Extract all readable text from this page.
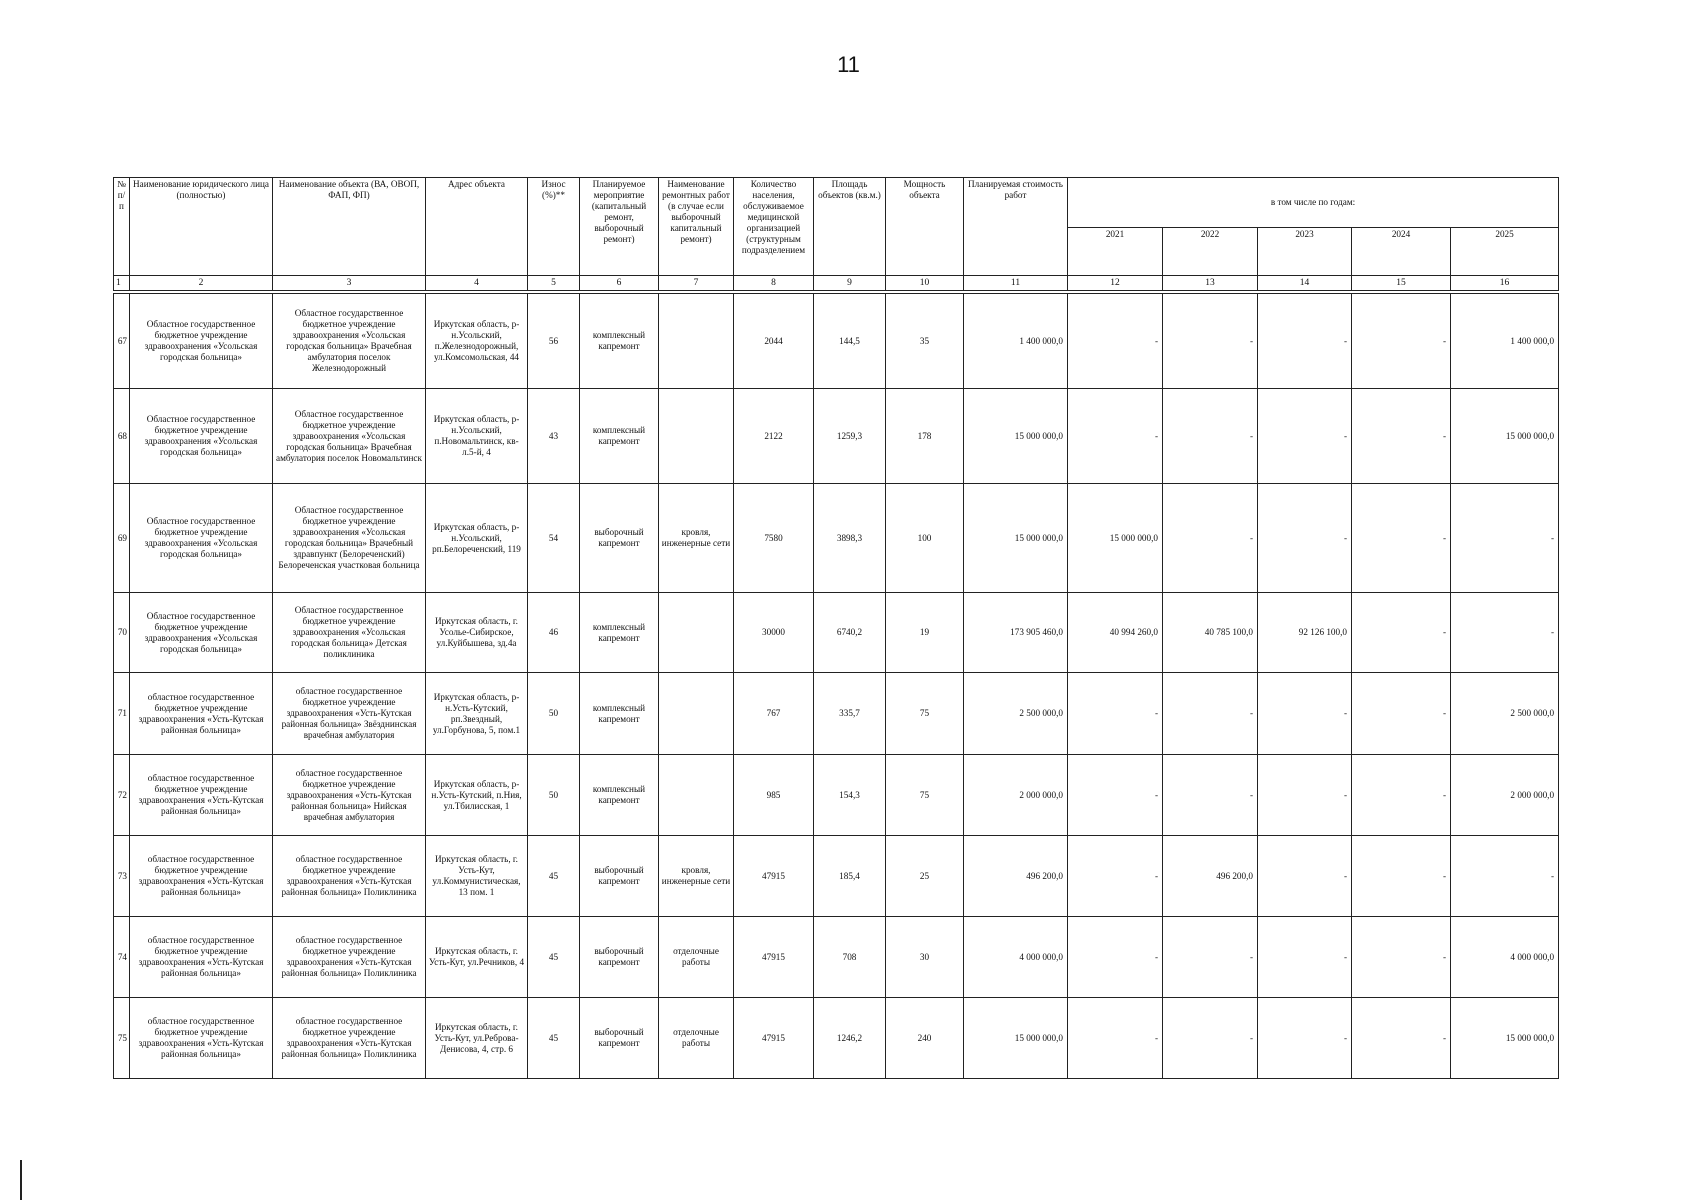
11
№ п/п	Наименование юридического лица (полностью)	Наименование объекта (ВА, ОВОП, ФАП, ФП)	Адрес объекта	Износ (%)**	Планируемое мероприятие (капитальный ремонт, выборочный ремонт)	Наименование ремонтных работ (в случае если выборочный капитальный ремонт)	Количество населения, обслуживаемое медицинской организацией (структурным подразделением	Площадь объектов (кв.м.)	Мощность объекта	Планируемая стоимость работ	в том числе по годам:				
											2021	2022	2023	2024	2025
1	2	3	4	5	6	7	8	9	10	11	12	13	14	15	16

67	Областное государственное бюджетное учреждение здравоохранения «Усольская городская больница»	Областное государственное бюджетное учреждение здравоохранения «Усольская городская больница» Врачебная амбулатория поселок Железнодорожный	Иркутская область, р-н.Усольский, п.Железнодорожный, ул.Комсомольская, 44	56	комплексный капремонт		2044	144,5	35	1 400 000,0	-	-	-	-	1 400 000,0
68	Областное государственное бюджетное учреждение здравоохранения «Усольская городская больница»	Областное государственное бюджетное учреждение здравоохранения «Усольская городская больница» Врачебная амбулатория поселок Новомальтинск	Иркутская область, р-н.Усольский, п.Новомальтинск, кв-л.5-й, 4	43	комплексный капремонт		2122	1259,3	178	15 000 000,0	-	-	-	-	15 000 000,0
69	Областное государственное бюджетное учреждение здравоохранения «Усольская городская больница»	Областное государственное бюджетное учреждение здравоохранения «Усольская городская больница» Врачебный здравпункт (Белореченский) Белореченская участковая больница	Иркутская область, р-н.Усольский, рп.Белореченский, 119	54	выборочный капремонт	кровля, инженерные сети	7580	3898,3	100	15 000 000,0	15 000 000,0	-	-	-	-
70	Областное государственное бюджетное учреждение здравоохранения «Усольская городская больница»	Областное государственное бюджетное учреждение здравоохранения «Усольская городская больница» Детская поликлиника	Иркутская область, г. Усолье-Сибирское, ул.Куйбышева, зд.4а	46	комплексный капремонт		30000	6740,2	19	173 905 460,0	40 994 260,0	40 785 100,0	92 126 100,0	-	-
71	областное государственное бюджетное учреждение здравоохранения «Усть-Кутская районная больница»	областное государственное бюджетное учреждение здравоохранения «Усть-Кутская районная больница» Звёзднинская врачебная амбулатория	Иркутская область, р-н.Усть-Кутский, рп.Звездный, ул.Горбунова, 5, пом.1	50	комплексный капремонт		767	335,7	75	2 500 000,0	-	-	-	-	2 500 000,0
72	областное государственное бюджетное учреждение здравоохранения «Усть-Кутская районная больница»	областное государственное бюджетное учреждение здравоохранения «Усть-Кутская районная больница» Нийская врачебная амбулатория	Иркутская область, р-н.Усть-Кутский, п.Ния, ул.Тбилисская, 1	50	комплексный капремонт		985	154,3	75	2 000 000,0	-	-	-	-	2 000 000,0
73	областное государственное бюджетное учреждение здравоохранения «Усть-Кутская районная больница»	областное государственное бюджетное учреждение здравоохранения «Усть-Кутская районная больница» Поликлиника	Иркутская область, г. Усть-Кут, ул.Коммунистическая, 13 пом. 1	45	выборочный капремонт	кровля, инженерные сети	47915	185,4	25	496 200,0	-	496 200,0	-	-	-
74	областное государственное бюджетное учреждение здравоохранения «Усть-Кутская районная больница»	областное государственное бюджетное учреждение здравоохранения «Усть-Кутская районная больница» Поликлиника	Иркутская область, г. Усть-Кут, ул.Речников, 4	45	выборочный капремонт	отделочные работы	47915	708	30	4 000 000,0	-	-	-	-	4 000 000,0
75	областное государственное бюджетное учреждение здравоохранения «Усть-Кутская районная больница»	областное государственное бюджетное учреждение здравоохранения «Усть-Кутская районная больница» Поликлиника	Иркутская область, г. Усть-Кут, ул.Реброва-Денисова, 4, стр. 6	45	выборочный капремонт	отделочные работы	47915	1246,2	240	15 000 000,0	-	-	-	-	15 000 000,0
